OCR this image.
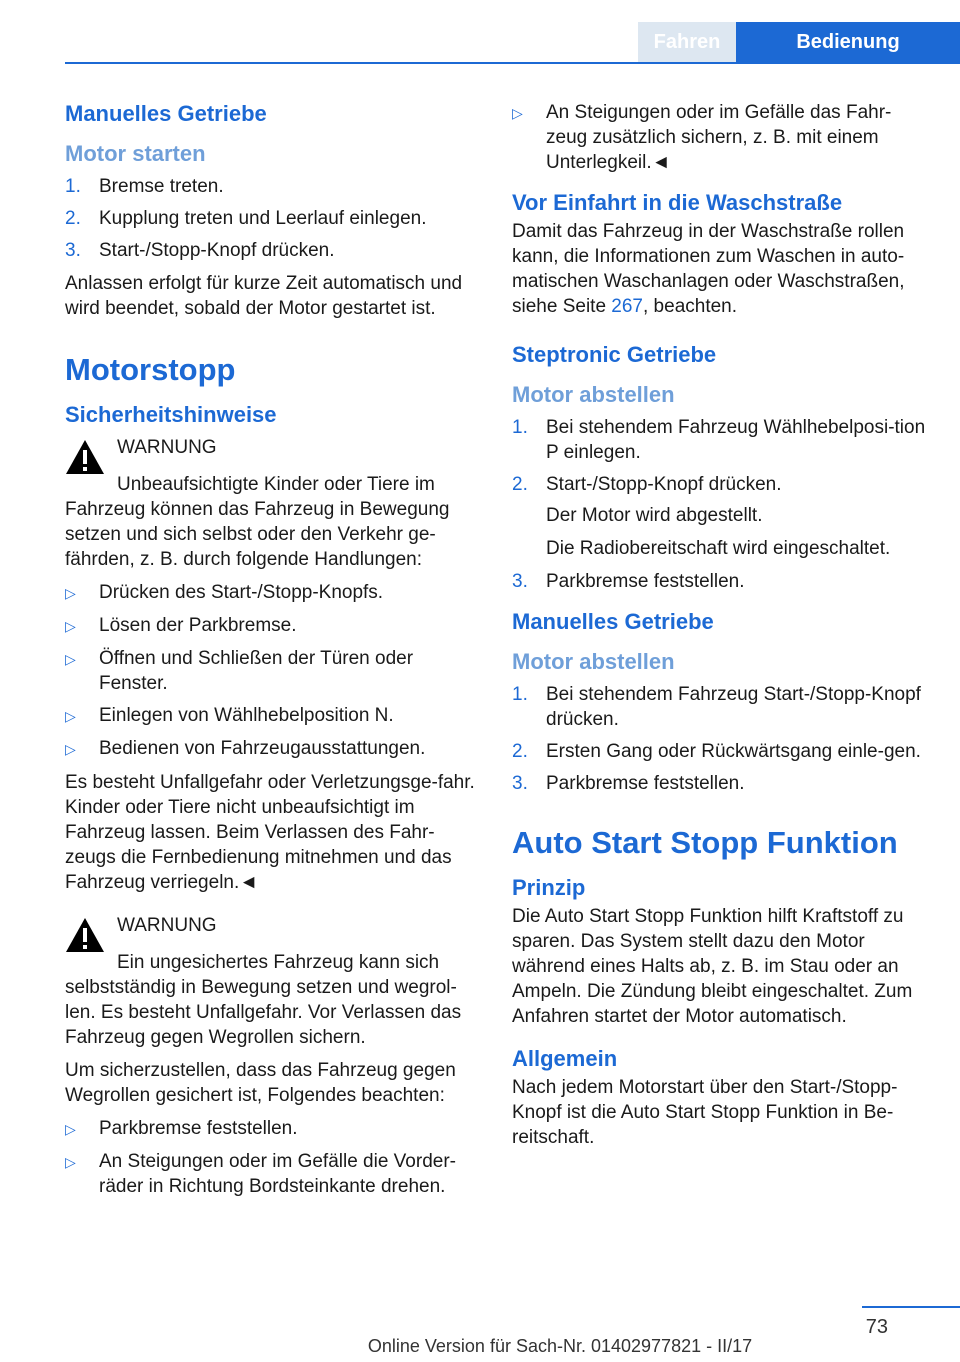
Fahren	Bedienung
Manuelles Getriebe
Motor starten
1. Bremse treten.
2. Kupplung treten und Leerlauf einlegen.
3. Start-/Stopp-Knopf drücken.

Anlassen erfolgt für kurze Zeit automatisch und wird beendet, sobald der Motor gestartet ist.

Motorstopp
Sicherheitshinweise
WARNUNG

Unbeaufsichtigte Kinder oder Tiere im Fahrzeug können das Fahrzeug in Bewegung setzen und sich selbst oder den Verkehr ge-fährden, z. B. durch folgende Handlungen:

▷	Drücken des Start-/Stopp-Knopfs.
▷	Lösen der Parkbremse.
▷	Öffnen und Schließen der Türen oder Fenster.
▷	Einlegen von Wählhebelposition N.
▷	Bedienen von Fahrzeugausstattungen.

Es besteht Unfallgefahr oder Verletzungsge-fahr. Kinder oder Tiere nicht unbeaufsichtigt im Fahrzeug lassen. Beim Verlassen des Fahr-zeugs die Fernbedienung mitnehmen und das Fahrzeug verriegeln.◄

WARNUNG

Ein ungesichertes Fahrzeug kann sich selbstständig in Bewegung setzen und wegrol-len. Es besteht Unfallgefahr. Vor Verlassen das Fahrzeug gegen Wegrollen sichern.

Um sicherzustellen, dass das Fahrzeug gegen Wegrollen gesichert ist, Folgendes beachten:

▷	Parkbremse feststellen.
▷	An Steigungen oder im Gefälle die Vorder-räder in Richtung Bordsteinkante drehen.
▷	An Steigungen oder im Gefälle das Fahr-zeug zusätzlich sichern, z. B. mit einem Unterlegkeil.◄
Vor Einfahrt in die Waschstraße

Damit das Fahrzeug in der Waschstraße rollen kann, die Informationen zum Waschen in auto-matischen Waschanlagen oder Waschstraßen, siehe Seite 267, beachten.

Steptronic Getriebe
Motor abstellen
1. Bei stehendem Fahrzeug Wählhebelposi-tion P einlegen.
2. Start-/Stopp-Knopf drücken.

Der Motor wird abgestellt.

Die Radiobereitschaft wird eingeschaltet.

3. Parkbremse feststellen.
Manuelles Getriebe
Motor abstellen
1. Bei stehendem Fahrzeug Start-/Stopp-Knopf drücken.
2. Ersten Gang oder Rückwärtsgang einle-gen.
3. Parkbremse feststellen.
Auto Start Stopp Funktion
Prinzip

Die Auto Start Stopp Funktion hilft Kraftstoff zu sparen. Das System stellt dazu den Motor während eines Halts ab, z. B. im Stau oder an Ampeln. Die Zündung bleibt eingeschaltet. Zum Anfahren startet der Motor automatisch.

Allgemein

Nach jedem Motorstart über den Start-/Stopp-Knopf ist die Auto Start Stopp Funktion in Be-reitschaft.

73
Online Version für Sach-Nr. 01402977821 - II/17
